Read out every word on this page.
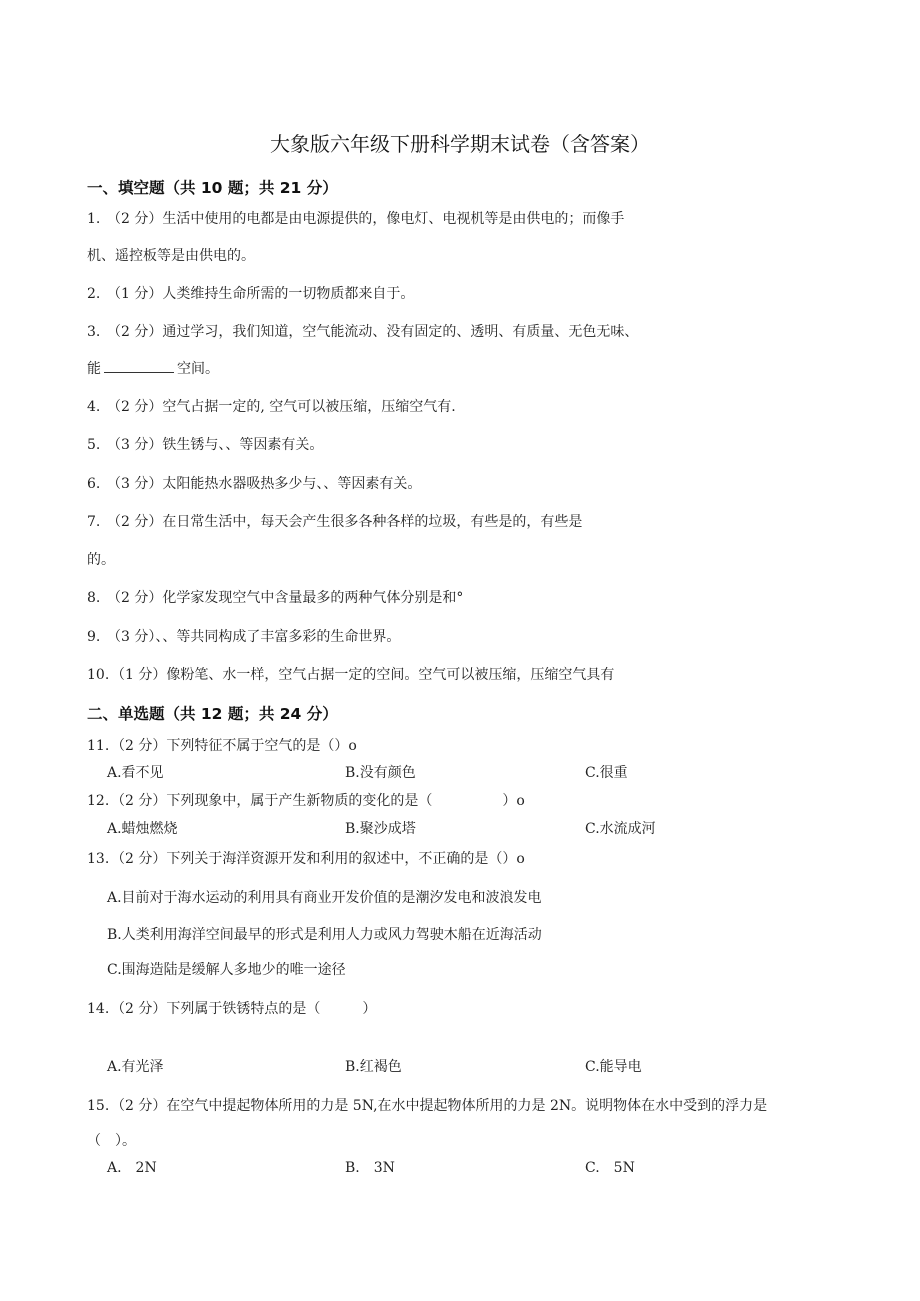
大象版六年级下册科学期末试卷（含答案）
一、填空题（共 10 题；共 21 分）
1. （2 分）生活中使用的电都是由电源提供的，像电灯、电视机等是由供电的；而像手
机、遥控板等是由供电的。
2. （1 分）人类维持生命所需的一切物质都来自于。
3. （2 分）通过学习，我们知道，空气能流动、没有固定的、透明、有质量、无色无味、
能	空间。
4. （2 分）空气占据一定的, 空气可以被压缩，压缩空气有.
5. （3 分）铁生锈与、、等因素有关。
6. （3 分）太阳能热水器吸热多少与、、等因素有关。
7. （2 分）在日常生活中，每天会产生很多各种各样的垃圾，有些是的，有些是
的。
8. （2 分）化学家发现空气中含量最多的两种气体分别是和°
9. （3 分）、、等共同构成了丰富多彩的生命世界。
10. （1 分）像粉笔、水一样，空气占据一定的空间。空气可以被压缩，压缩空气具有
二、单选题（共 12 题；共 24 分）
11. （2 分）下列特征不属于空气的是（）o
A.看不见	B.没有颜色	C.很重
12. （2 分）下列现象中，属于产生新物质的变化的是（　　　　　）o
A.蜡烛燃烧	B.聚沙成塔	C.水流成河
13. （2 分）下列关于海洋资源开发和利用的叙述中，不正确的是（）o
A.目前对于海水运动的利用具有商业开发价值的是潮汐发电和波浪发电
B.人类利用海洋空间最早的形式是利用人力或风力驾驶木船在近海活动
C.围海造陆是缓解人多地少的唯一途径
14. （2 分）下列属于铁锈特点的是（　　　）
A.有光泽	B.红褐色	C.能导电
15. （2 分）在空气中提起物体所用的力是 5N,在水中提起物体所用的力是 2N。说明物体在水中受到的浮力是
（　）。
A.　2N	B.　3N	C.　5N
